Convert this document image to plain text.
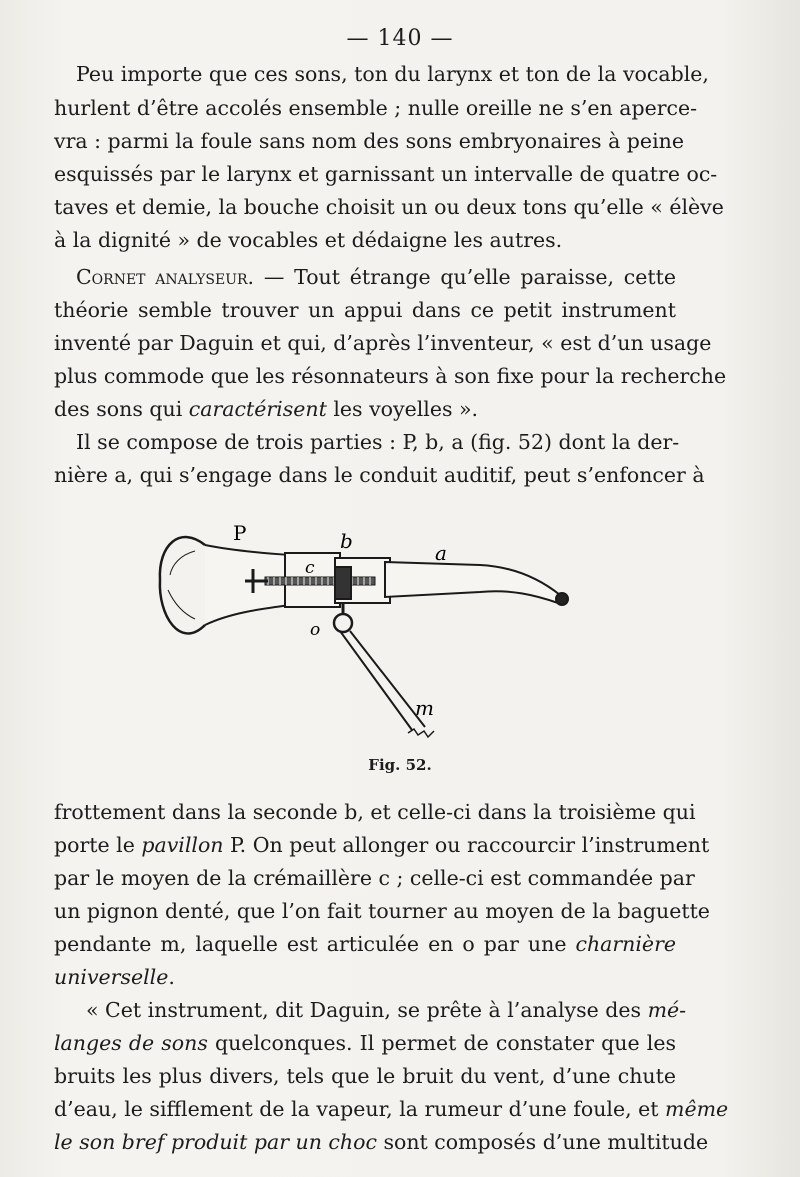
— 140 —
Peu importe que ces sons, ton du larynx et ton de la vocable,
hurlent d’être accolés ensemble ; nulle oreille ne s’en aperce-
vra : parmi la foule sans nom des sons embryonaires à peine
esquissés par le larynx et garnissant un intervalle de quatre oc-
taves et demie, la bouche choisit un ou deux tons qu’elle « élève
à la dignité » de vocables et dédaigne les autres.
Cornet analyseur. — Tout étrange qu’elle paraisse, cette
théorie semble trouver un appui dans ce petit instrument
inventé par Daguin et qui, d’après l’inventeur, « est d’un usage
plus commode que les résonnateurs à son fixe pour la recherche
des sons qui caractérisent les voyelles ».
Il se compose de trois parties : P, b, a (fig. 52) dont la der-
nière a, qui s’engage dans le conduit auditif, peut s’enfoncer à
P	b	a
c
o
m
Fig. 52.
frottement dans la seconde b, et celle-ci dans la troisième qui
porte le pavillon P. On peut allonger ou raccourcir l’instrument
par le moyen de la crémaillère c ; celle-ci est commandée par
un pignon denté, que l’on fait tourner au moyen de la baguette
pendante m, laquelle est articulée en o par une charnière
universelle.
« Cet instrument, dit Daguin, se prête à l’analyse des mé-
langes de sons quelconques. Il permet de constater que les
bruits les plus divers, tels que le bruit du vent, d’une chute
d’eau, le sifflement de la vapeur, la rumeur d’une foule, et même
le son bref produit par un choc sont composés d’une multitude
